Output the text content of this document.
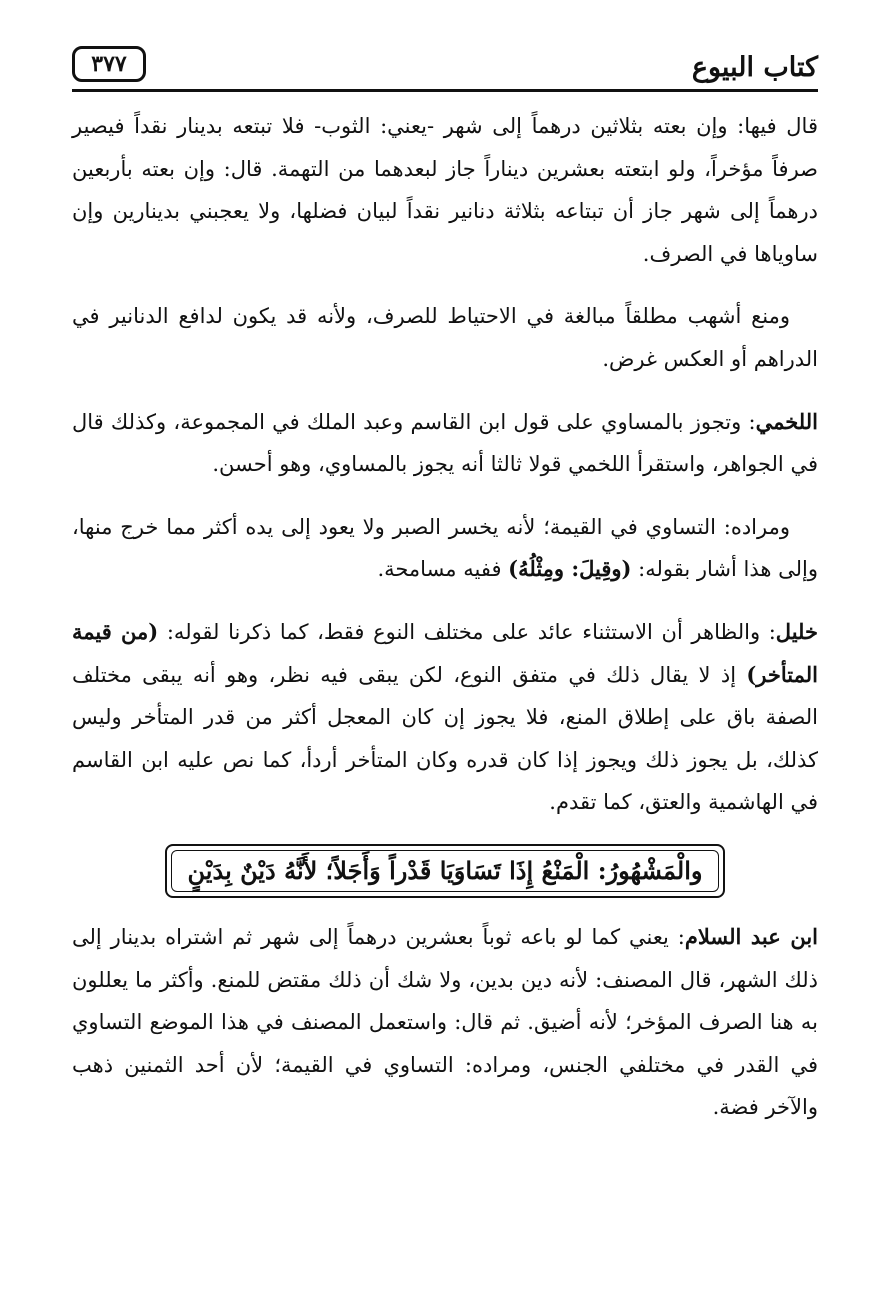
كتاب البيوع
٣٧٧

قال فيها: وإن بعته بثلاثين درهماً إلى شهر -يعني: الثوب- فلا تبتعه بدينار نقداً فيصير صرفاً مؤخراً، ولو ابتعته بعشرين ديناراً جاز لبعدهما من التهمة. قال: وإن بعته بأربعين درهماً إلى شهر جاز أن تبتاعه بثلاثة دنانير نقداً لبيان فضلها، ولا يعجبني بدينارين وإن ساوياها في الصرف.

ومنع أشهب مطلقاً مبالغة في الاحتياط للصرف، ولأنه قد يكون لدافع الدنانير في الدراهم أو العكس غرض.

اللخمي: وتجوز بالمساوي على قول ابن القاسم وعبد الملك في المجموعة، وكذلك قال في الجواهر، واستقرأ اللخمي قولا ثالثا أنه يجوز بالمساوي، وهو أحسن.

ومراده: التساوي في القيمة؛ لأنه يخسر الصبر ولا يعود إلى يده أكثر مما خرج منها، وإلى هذا أشار بقوله: (وقِيلَ: ومِثْلُهُ) ففيه مسامحة.

خليل: والظاهر أن الاستثناء عائد على مختلف النوع فقط، كما ذكرنا لقوله: (من قيمة المتأخر) إذ لا يقال ذلك في متفق النوع، لكن يبقى فيه نظر، وهو أنه يبقى مختلف الصفة باق على إطلاق المنع، فلا يجوز إن كان المعجل أكثر من قدر المتأخر وليس كذلك، بل يجوز ذلك ويجوز إذا كان قدره وكان المتأخر أردأ، كما نص عليه ابن القاسم في الهاشمية والعتق، كما تقدم.

والْمَشْهُورُ: الْمَنْعُ إِذَا تَسَاوَيَا قَدْراً وَأَجَلاً؛ لأَنَّهُ دَيْنٌ بِدَيْنٍ

ابن عبد السلام: يعني كما لو باعه ثوباً بعشرين درهماً إلى شهر ثم اشتراه بدينار إلى ذلك الشهر، قال المصنف: لأنه دين بدين، ولا شك أن ذلك مقتض للمنع. وأكثر ما يعللون به هنا الصرف المؤخر؛ لأنه أضيق. ثم قال: واستعمل المصنف في هذا الموضع التساوي في القدر في مختلفي الجنس، ومراده: التساوي في القيمة؛ لأن أحد الثمنين ذهب والآخر فضة.
